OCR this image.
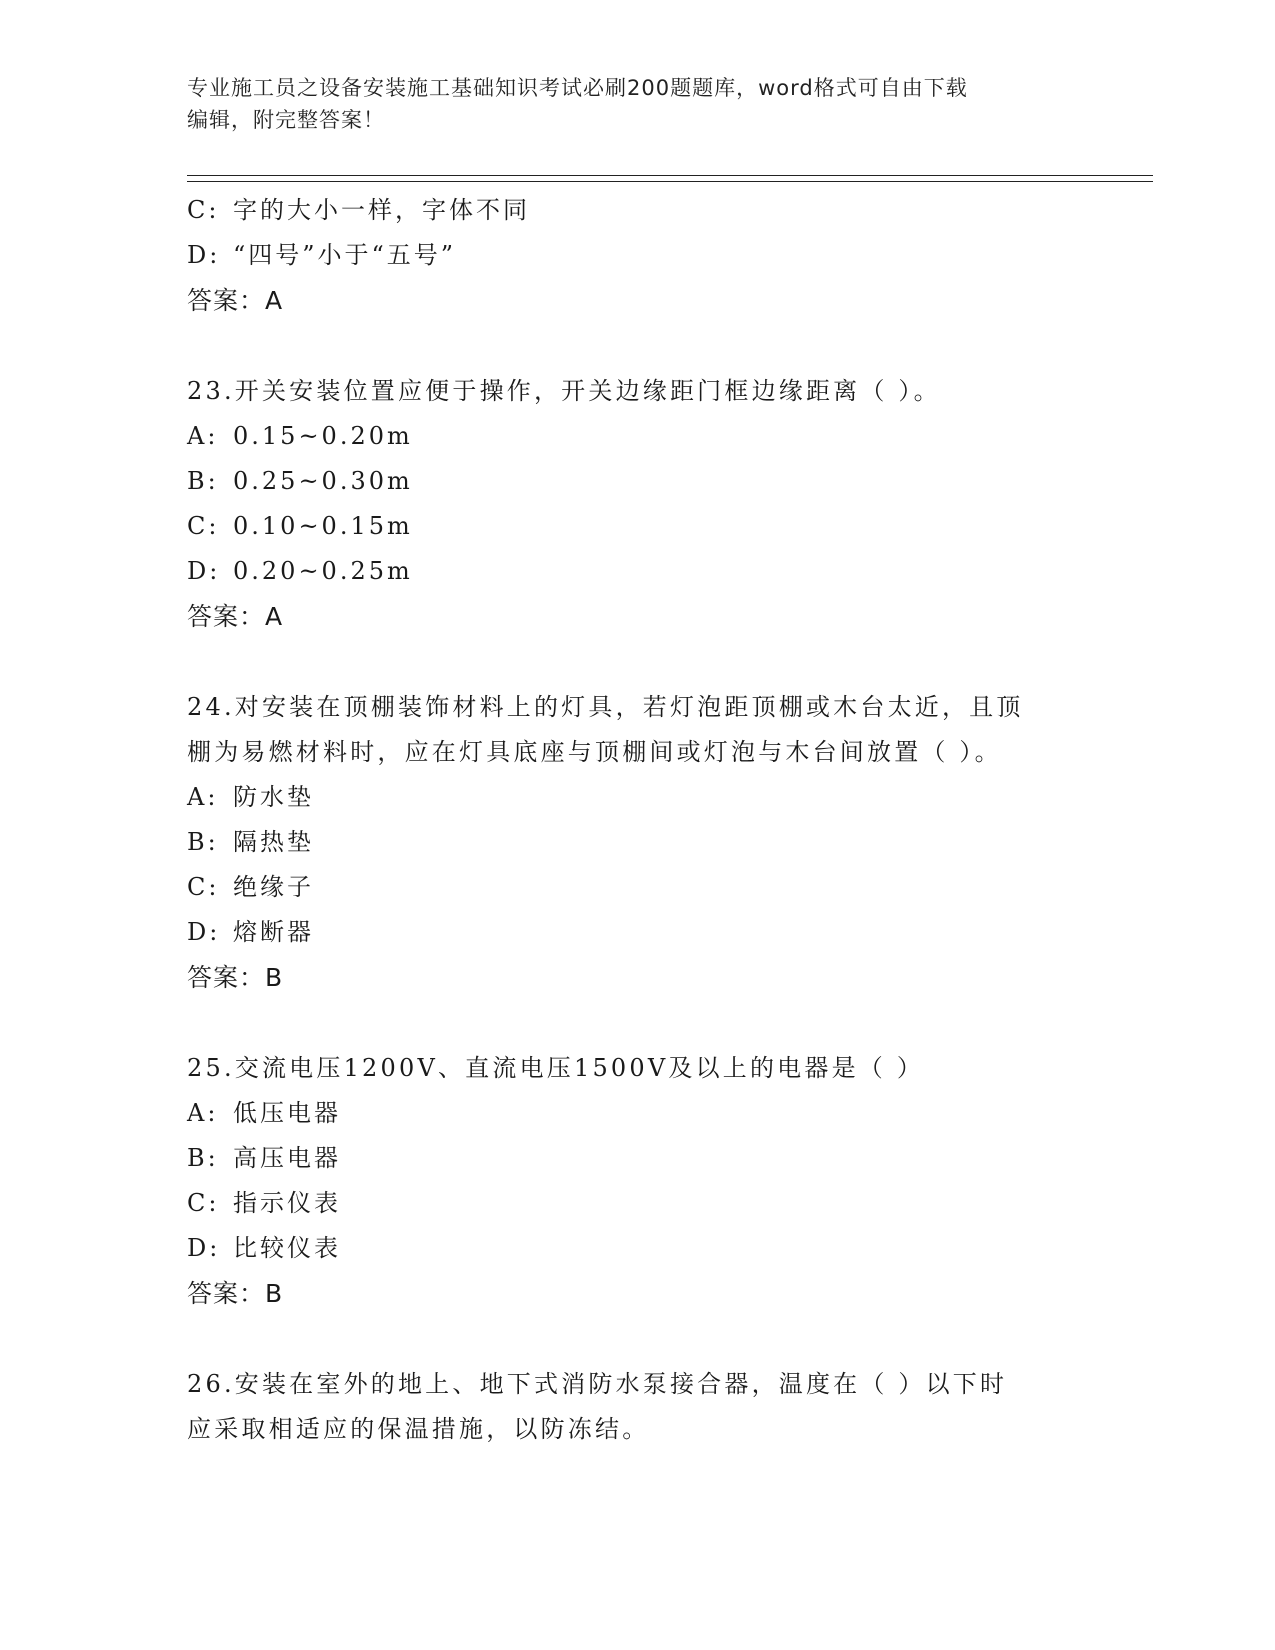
专业施工员之设备安装施工基础知识考试必刷200题题库，word格式可自由下载
编辑，附完整答案！
C: 字的大小一样，字体不同
D: “四号”小于“五号”
答案：A
23.开关安装位置应便于操作，开关边缘距门框边缘距离（ ）。
A: 0.15~0.20m
B: 0.25~0.30m
C: 0.10~0.15m
D: 0.20~0.25m
答案：A
24.对安装在顶棚装饰材料上的灯具，若灯泡距顶棚或木台太近，且顶
棚为易燃材料时，应在灯具底座与顶棚间或灯泡与木台间放置（ ）。
A: 防水垫
B: 隔热垫
C: 绝缘子
D: 熔断器
答案：B
25.交流电压1200V、直流电压1500V及以上的电器是（ ）
A: 低压电器
B: 高压电器
C: 指示仪表
D: 比较仪表
答案：B
26.安装在室外的地上、地下式消防水泵接合器，温度在（ ）以下时
应采取相适应的保温措施，以防冻结。
